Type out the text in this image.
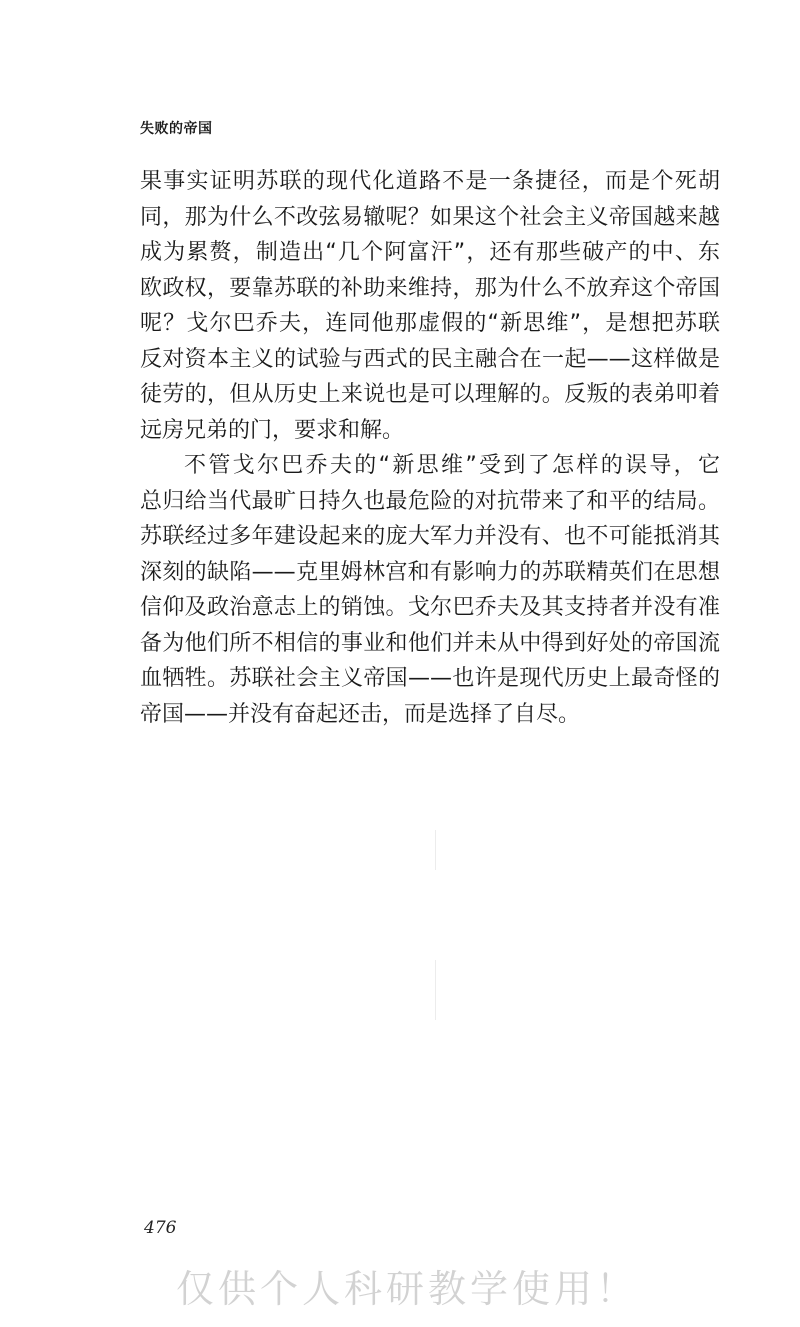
失败的帝国
果事实证明苏联的现代化道路不是一条捷径，而是个死胡
同，那为什么不改弦易辙呢？如果这个社会主义帝国越来越
成为累赘，制造出“几个阿富汗”，还有那些破产的中、东
欧政权，要靠苏联的补助来维持，那为什么不放弃这个帝国
呢？戈尔巴乔夫，连同他那虚假的“新思维”，是想把苏联
反对资本主义的试验与西式的民主融合在一起——这样做是
徒劳的，但从历史上来说也是可以理解的。反叛的表弟叩着
远房兄弟的门，要求和解。
不管戈尔巴乔夫的“新思维”受到了怎样的误导，它
总归给当代最旷日持久也最危险的对抗带来了和平的结局。
苏联经过多年建设起来的庞大军力并没有、也不可能抵消其
深刻的缺陷——克里姆林宫和有影响力的苏联精英们在思想
信仰及政治意志上的销蚀。戈尔巴乔夫及其支持者并没有准
备为他们所不相信的事业和他们并未从中得到好处的帝国流
血牺牲。苏联社会主义帝国——也许是现代历史上最奇怪的
帝国——并没有奋起还击，而是选择了自尽。
476
仅供个人科研教学使用！
